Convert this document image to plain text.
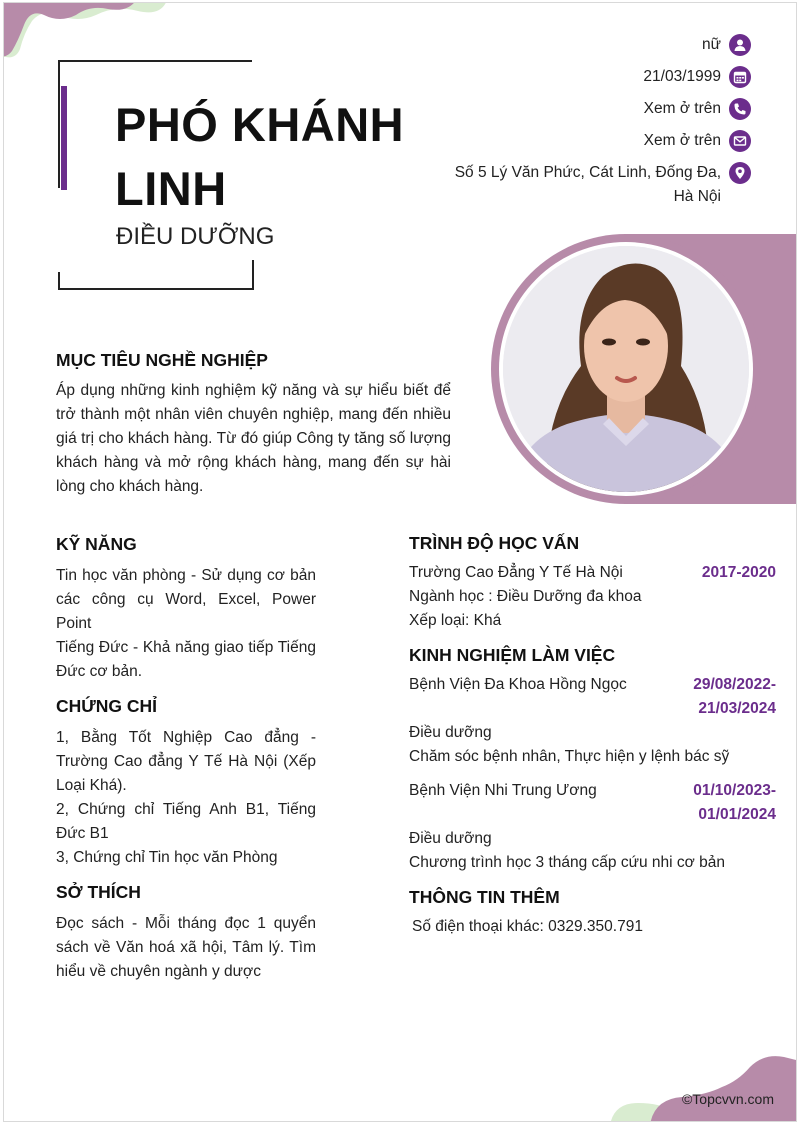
PHÓ KHÁNH
LINH
ĐIỀU DƯỠNG
nữ
21/03/1999
Xem ở trên
Xem ở trên
Số 5 Lý Văn Phức, Cát Linh, Đống Đa,
Hà Nội
MỤC TIÊU NGHỀ NGHIỆP

Áp dụng những kinh nghiệm kỹ năng và sự hiểu biết để trở thành một nhân viên chuyên nghiệp, mang đến nhiều giá trị cho khách hàng. Từ đó giúp Công ty tăng số lượng khách hàng và mở rộng khách hàng, mang đến sự hài lòng cho khách hàng.

KỸ NĂNG

Tin học văn phòng - Sử dụng cơ bản các công cụ Word, Excel, Power Point

Tiếng Đức - Khả năng giao tiếp Tiếng Đức cơ bản.

CHỨNG CHỈ

1, Bằng Tốt Nghiệp Cao đẳng - Trường Cao đẳng Y Tế Hà Nội (Xếp Loại Khá).

2, Chứng chỉ Tiếng Anh B1, Tiếng Đức B1

3, Chứng chỉ Tin học văn Phòng

SỞ THÍCH

Đọc sách - Mỗi tháng đọc 1 quyển sách về Văn hoá xã hội, Tâm lý. Tìm hiểu về chuyên ngành y dược

TRÌNH ĐỘ HỌC VẤN
Trường Cao Đẳng Y Tế Hà Nội	2017-2020

Ngành học : Điều Dưỡng đa khoa

Xếp loại: Khá

KINH NGHIỆM LÀM VIỆC
Bệnh Viện Đa Khoa Hồng Ngọc	29/08/2022-
21/03/2024

Điều dưỡng

Chăm sóc bệnh nhân, Thực hiện y lệnh bác sỹ

Bệnh Viện Nhi Trung Ương	01/10/2023-
01/01/2024

Điều dưỡng

Chương trình học 3 tháng cấp cứu nhi cơ bản

THÔNG TIN THÊM

Số điện thoại khác: 0329.350.791

©Topcvvn.com
